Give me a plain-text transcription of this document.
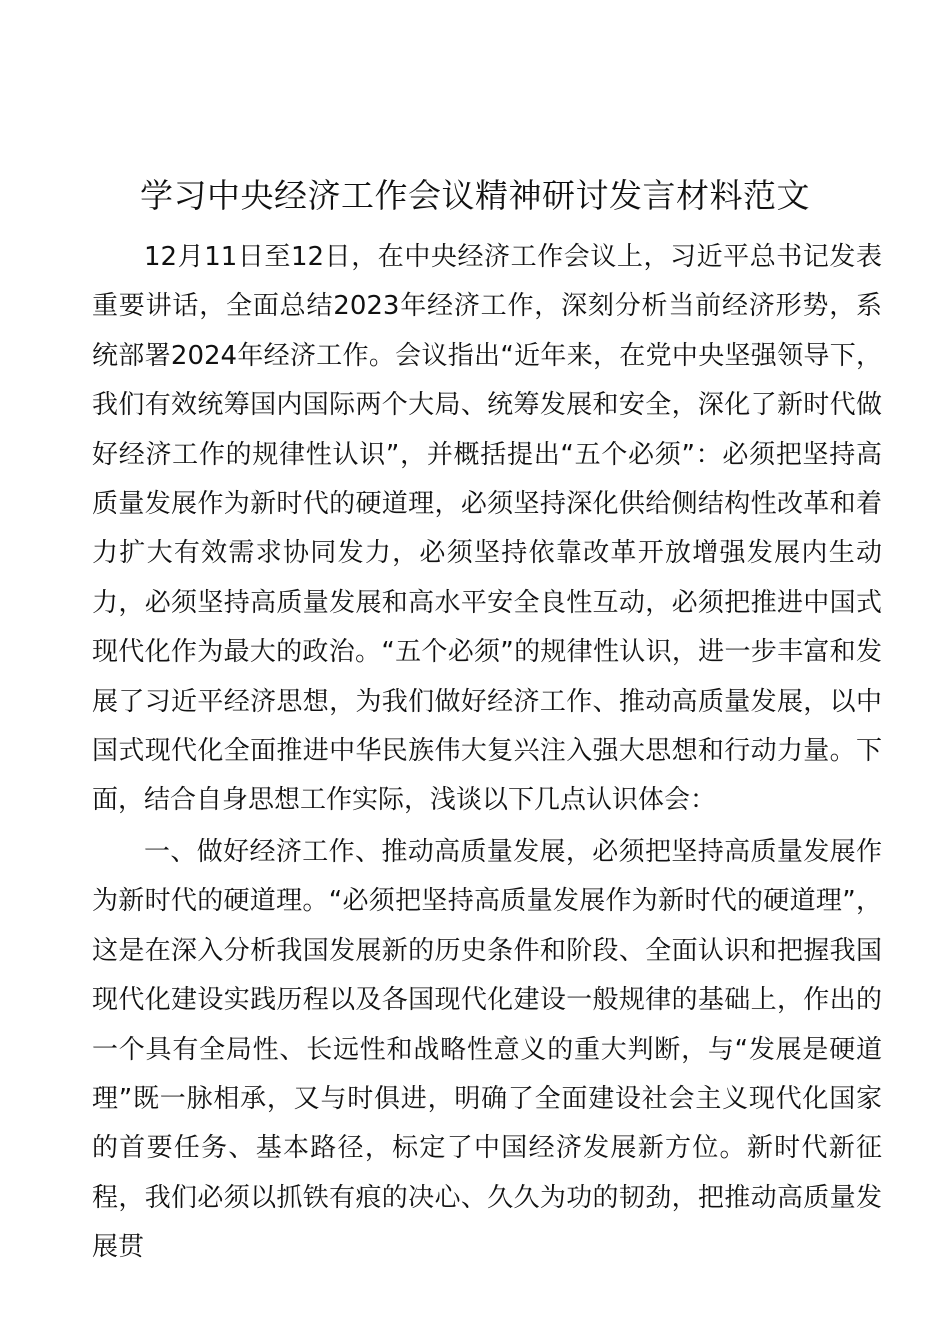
学习中央经济工作会议精神研讨发言材料范文

12月11日至12日，在中央经济工作会议上，习近平总书记发表重要讲话，全面总结2023年经济工作，深刻分析当前经济形势，系统部署2024年经济工作。会议指出“近年来，在党中央坚强领导下，我们有效统筹国内国际两个大局、统筹发展和安全，深化了新时代做好经济工作的规律性认识”，并概括提出“五个必须”：必须把坚持高质量发展作为新时代的硬道理，必须坚持深化供给侧结构性改革和着力扩大有效需求协同发力，必须坚持依靠改革开放增强发展内生动力，必须坚持高质量发展和高水平安全良性互动，必须把推进中国式现代化作为最大的政治。“五个必须”的规律性认识，进一步丰富和发展了习近平经济思想，为我们做好经济工作、推动高质量发展，以中国式现代化全面推进中华民族伟大复兴注入强大思想和行动力量。下面，结合自身思想工作实际，浅谈以下几点认识体会：

一、做好经济工作、推动高质量发展，必须把坚持高质量发展作为新时代的硬道理。“必须把坚持高质量发展作为新时代的硬道理”，这是在深入分析我国发展新的历史条件和阶段、全面认识和把握我国现代化建设实践历程以及各国现代化建设一般规律的基础上，作出的一个具有全局性、长远性和战略性意义的重大判断，与“发展是硬道理”既一脉相承，又与时俱进，明确了全面建设社会主义现代化国家的首要任务、基本路径，标定了中国经济发展新方位。新时代新征程，我们必须以抓铁有痕的决心、久久为功的韧劲，把推动高质量发展贯
